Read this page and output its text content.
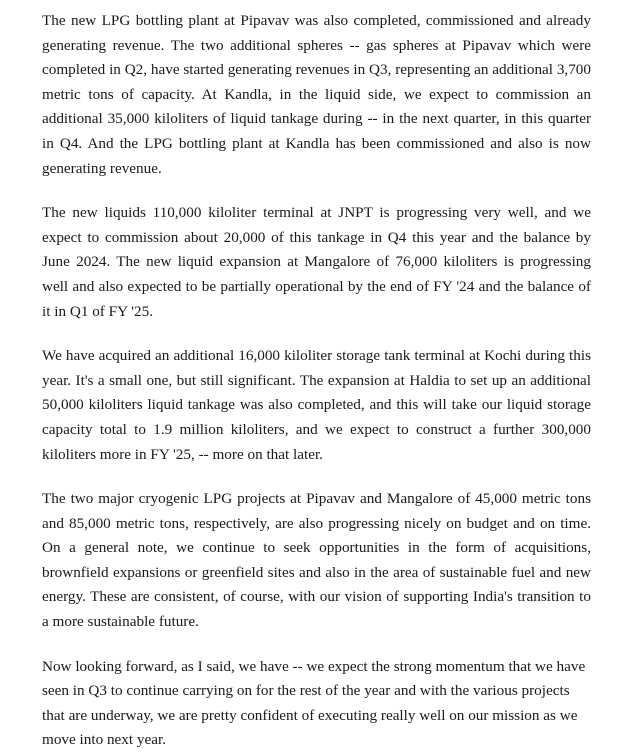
The new LPG bottling plant at Pipavav was also completed, commissioned and already generating revenue. The two additional spheres -- gas spheres at Pipavav which were completed in Q2, have started generating revenues in Q3, representing an additional 3,700 metric tons of capacity. At Kandla, in the liquid side, we expect to commission an additional 35,000 kiloliters of liquid tankage during -- in the next quarter, in this quarter in Q4. And the LPG bottling plant at Kandla has been commissioned and also is now generating revenue.

The new liquids 110,000 kiloliter terminal at JNPT is progressing very well, and we expect to commission about 20,000 of this tankage in Q4 this year and the balance by June 2024. The new liquid expansion at Mangalore of 76,000 kiloliters is progressing well and also expected to be partially operational by the end of FY '24 and the balance of it in Q1 of FY '25.

We have acquired an additional 16,000 kiloliter storage tank terminal at Kochi during this year. It's a small one, but still significant. The expansion at Haldia to set up an additional 50,000 kiloliters liquid tankage was also completed, and this will take our liquid storage capacity total to 1.9 million kiloliters, and we expect to construct a further 300,000 kiloliters more in FY '25, -- more on that later.

The two major cryogenic LPG projects at Pipavav and Mangalore of 45,000 metric tons and 85,000 metric tons, respectively, are also progressing nicely on budget and on time. On a general note, we continue to seek opportunities in the form of acquisitions, brownfield expansions or greenfield sites and also in the area of sustainable fuel and new energy. These are consistent, of course, with our vision of supporting India's transition to a more sustainable future.

Now looking forward, as I said, we have -- we expect the strong momentum that we have seen in Q3 to continue carrying on for the rest of the year and with the various projects that are underway, we are pretty confident of executing really well on our mission as we move into next year.
